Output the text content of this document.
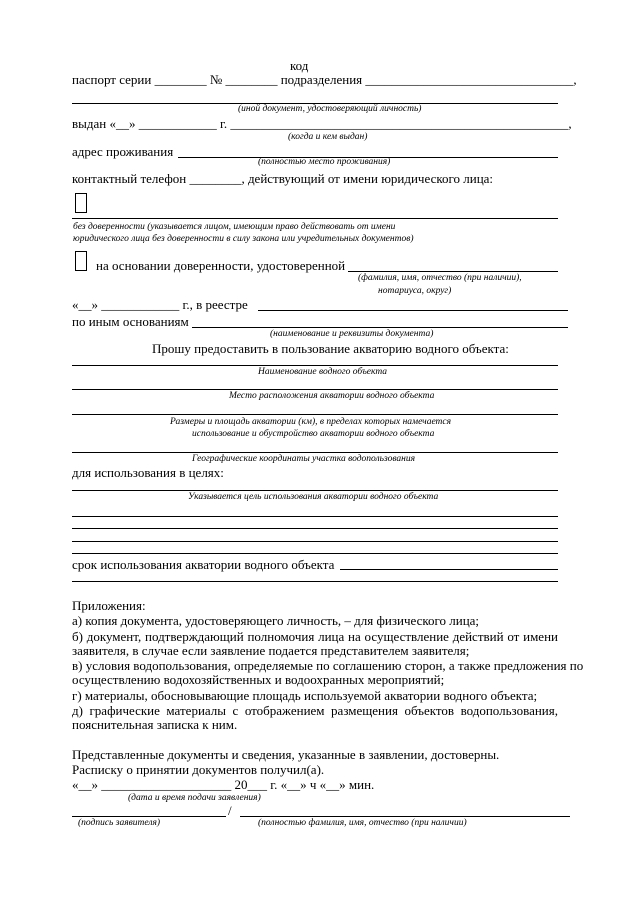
код
паспорт серии ________ № ________ подразделения ________________________________,
(иной документ, удостоверяющий личность)
выдан «__» ____________ г. ____________________________________________________,
(когда и кем выдан)
адрес проживания
(полностью место проживания)
контактный телефон ________, действующий от имени юридического лица:
без доверенности (указывается лицом, имеющим право действовать от имени
юридического лица без доверенности в силу закона или учредительных документов)
на основании доверенности, удостоверенной
(фамилия, имя, отчество (при наличии),
нотариуса, округ)
«__» ____________ г., в реестре
по иным основаниям
(наименование и реквизиты документа)
Прошу предоставить в пользование акваторию водного объекта:
Наименование водного объекта
Место расположения акватории водного объекта
Размеры и площадь акватории (км), в пределах которых намечается
использование и обустройство акватории водного объекта
Географические координаты участка водопользования
для использования в целях:
Указывается цель использования акватории водного объекта
срок использования акватории водного объекта
Приложения:
а) копия документа, удостоверяющего личность, – для физического лица;
б) документ, подтверждающий полномочия лица на осуществление действий от имени
заявителя, в случае если заявление подается представителем заявителя;
в) условия водопользования, определяемые по соглашению сторон, а также предложения по
осуществлению водохозяйственных и водоохранных мероприятий;
г) материалы, обосновывающие площадь используемой акватории водного объекта;
д) графические материалы с отображением размещения объектов водопользования,
пояснительная записка к ним.
Представленные документы и сведения, указанные в заявлении, достоверны.
Расписку о принятии документов получил(а).
«__» ____________________ 20___ г. «__» ч «__» мин.
(дата и время подачи заявления)
/
(подпись заявителя)	(полностью фамилия, имя, отчество (при наличии)
